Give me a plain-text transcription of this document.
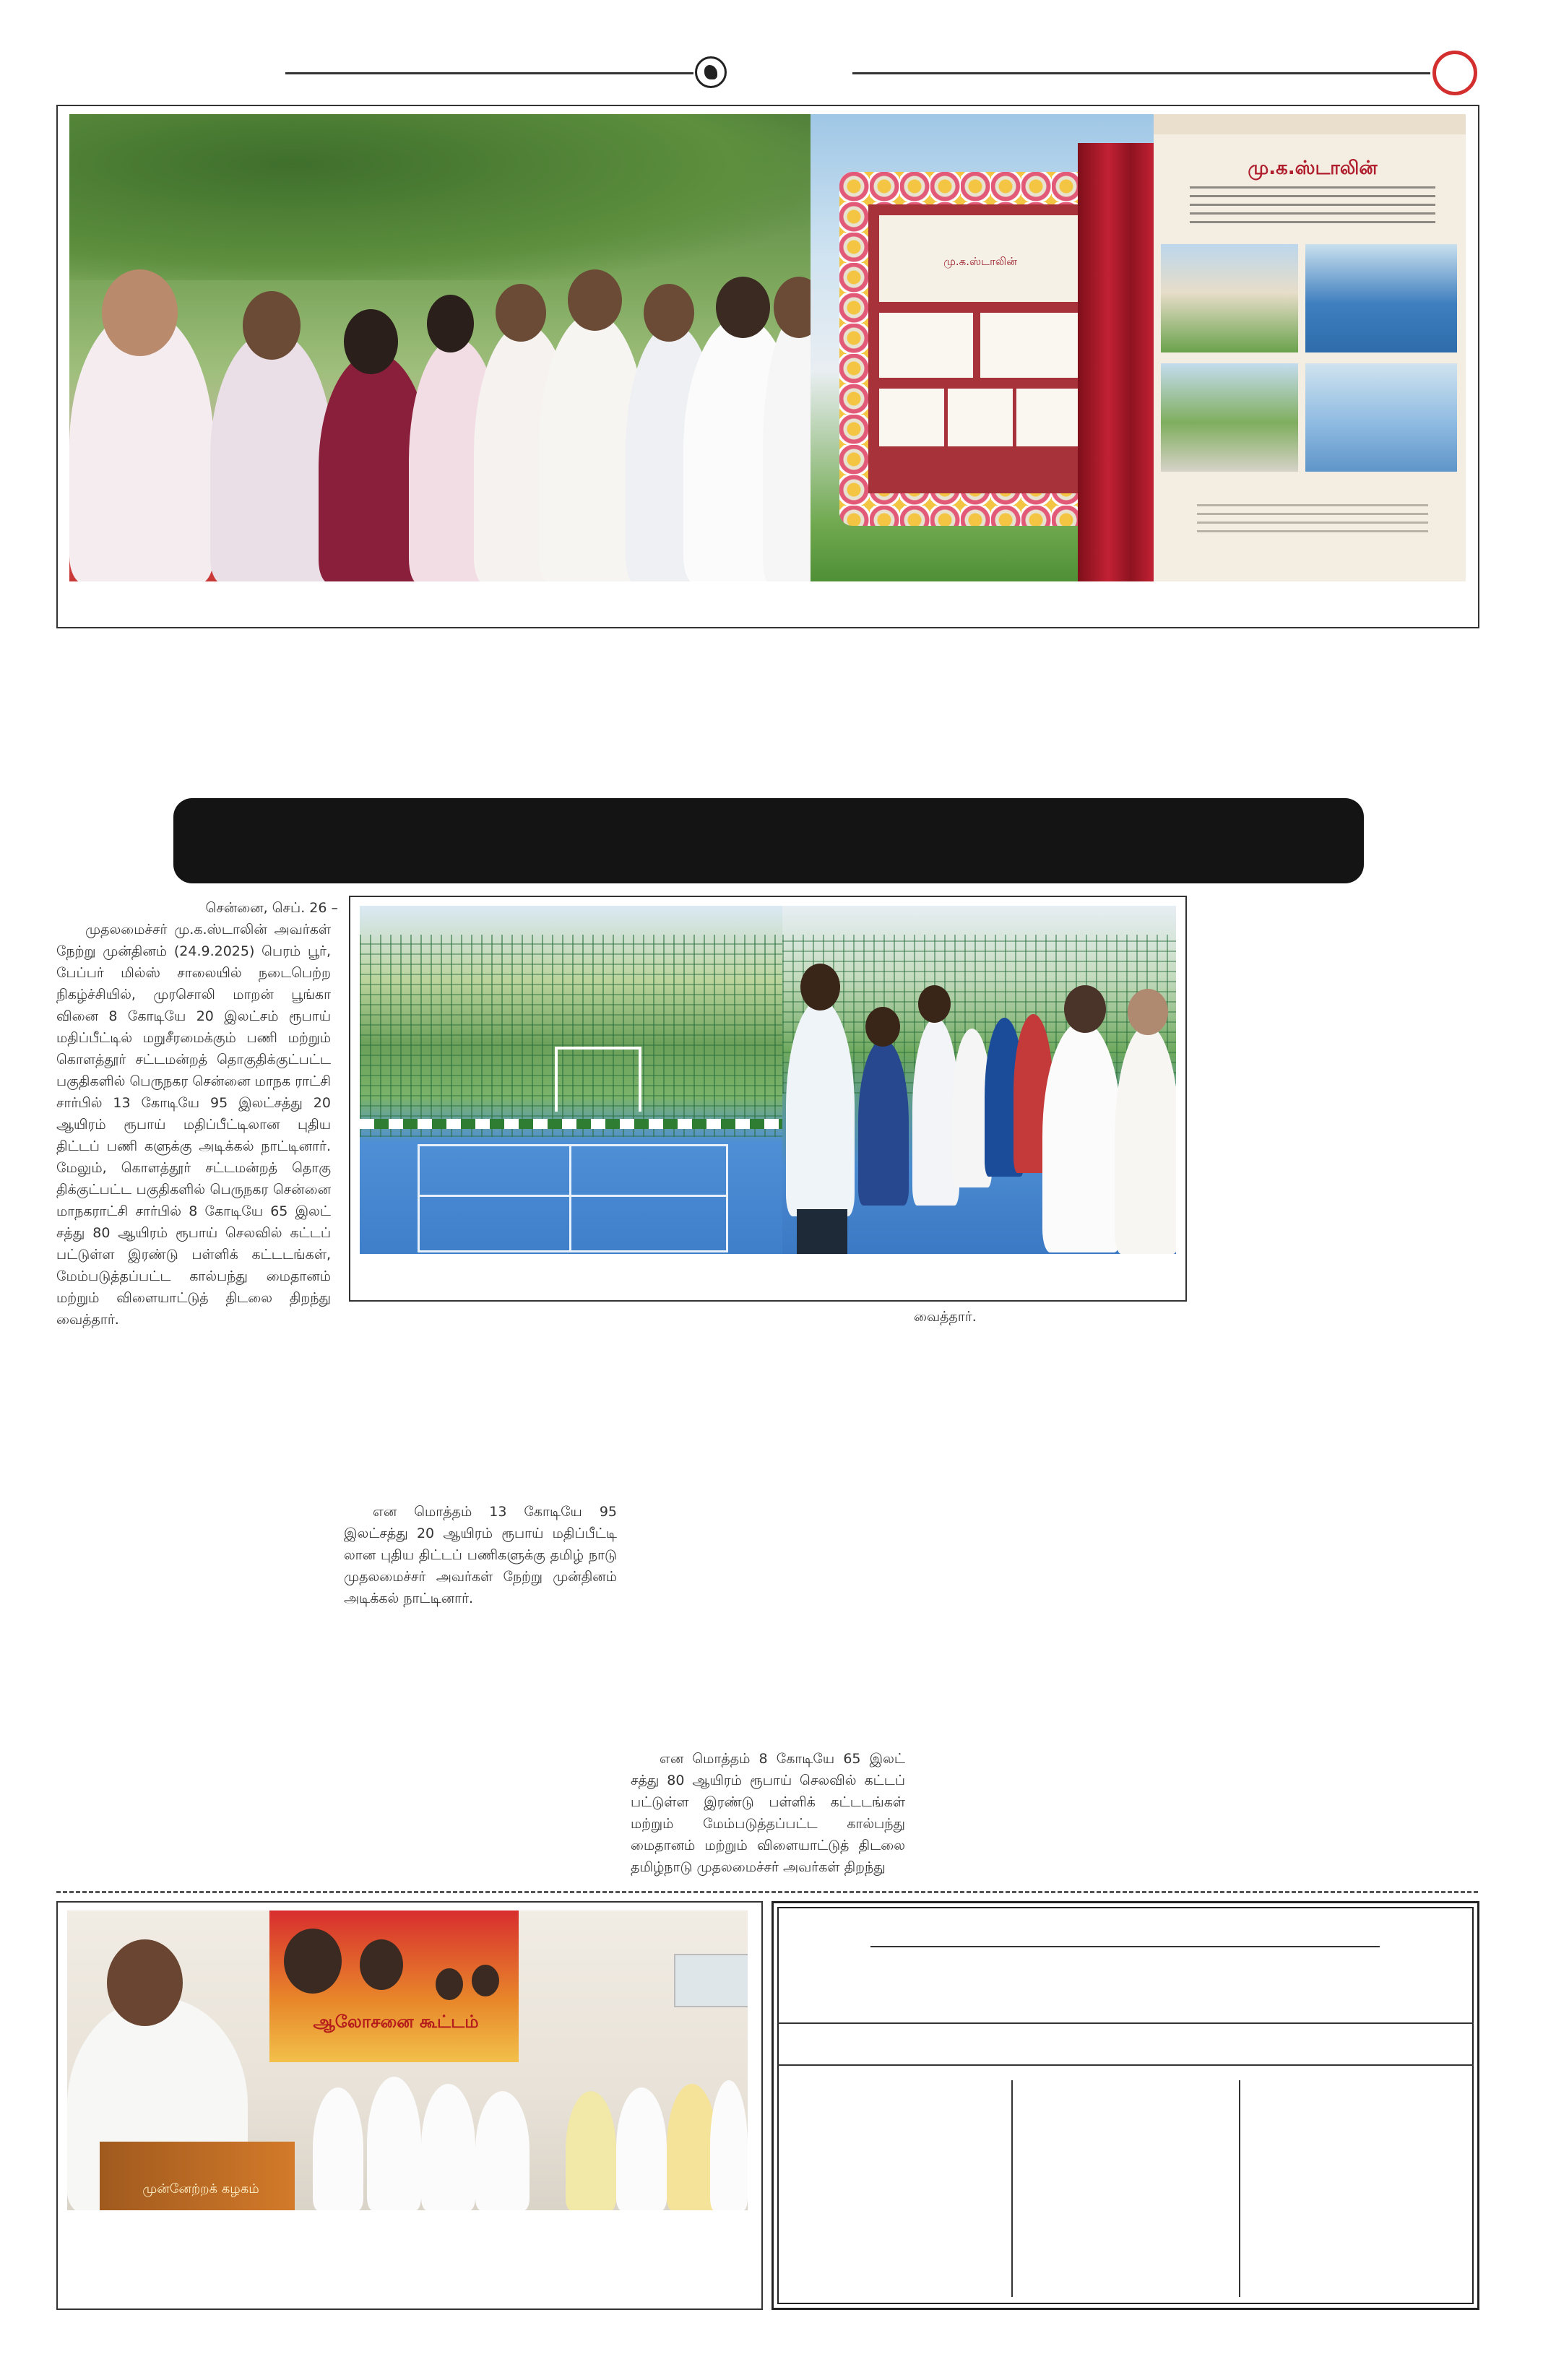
மு.க.ஸ்டாலின்
மு.க.ஸ்டாலின்
சென்னை, செப். 26 –
முதலமைச்சர் மு.க.ஸ்டாலின் அவர்கள் நேற்று முன்தினம் (24.9.2025) பெரம் பூர், பேப்பர் மில்ஸ் சாலையில் நடைபெற்ற நிகழ்ச்சியில், முரசொலி மாறன் பூங்கா வினை 8 கோடியே 20 இலட்சம் ரூபாய் மதிப்பீட்டில் மறுசீரமைக்கும் பணி மற்றும் கொளத்தூர் சட்டமன்றத் தொகுதிக்குட்பட்ட பகுதிகளில் பெருநகர சென்னை மாநக ராட்சி சார்பில் 13 கோடியே 95 இலட்சத்து 20 ஆயிரம் ரூபாய் மதிப்பீட்டிலான புதிய திட்டப் பணி களுக்கு அடிக்கல் நாட்டினார். மேலும், கொளத்தூர் சட்டமன்றத் தொகு திக்குட்பட்ட பகுதிகளில் பெருநகர சென்னை மாநகராட்சி சார்பில் 8 கோடியே 65 இலட் சத்து 80 ஆயிரம் ரூபாய் செலவில் கட்டப் பட்டுள்ள இரண்டு பள்ளிக் கட்டடங்கள், மேம்படுத்தப்பட்ட கால்பந்து மைதானம் மற்றும் விளையாட்டுத் திடலை திறந்து வைத்தார்.	வைத்தார்.
என மொத்தம் 13 கோடியே 95 இலட்சத்து 20 ஆயிரம் ரூபாய் மதிப்பீட்டி லான புதிய திட்டப் பணிகளுக்கு தமிழ் நாடு முதலமைச்சர் அவர்கள் நேற்று முன்தினம் அடிக்கல் நாட்டினார்.
என மொத்தம் 8 கோடியே 65 இலட் சத்து 80 ஆயிரம் ரூபாய் செலவில் கட்டப் பட்டுள்ள இரண்டு பள்ளிக் கட்டடங்கள் மற்றும் மேம்படுத்தப்பட்ட கால்பந்து மைதானம் மற்றும் விளையாட்டுத் திடலை தமிழ்நாடு முதலமைச்சர் அவர்கள் திறந்து
ஆலோசனை கூட்டம்
முன்னேற்றக் கழகம்
